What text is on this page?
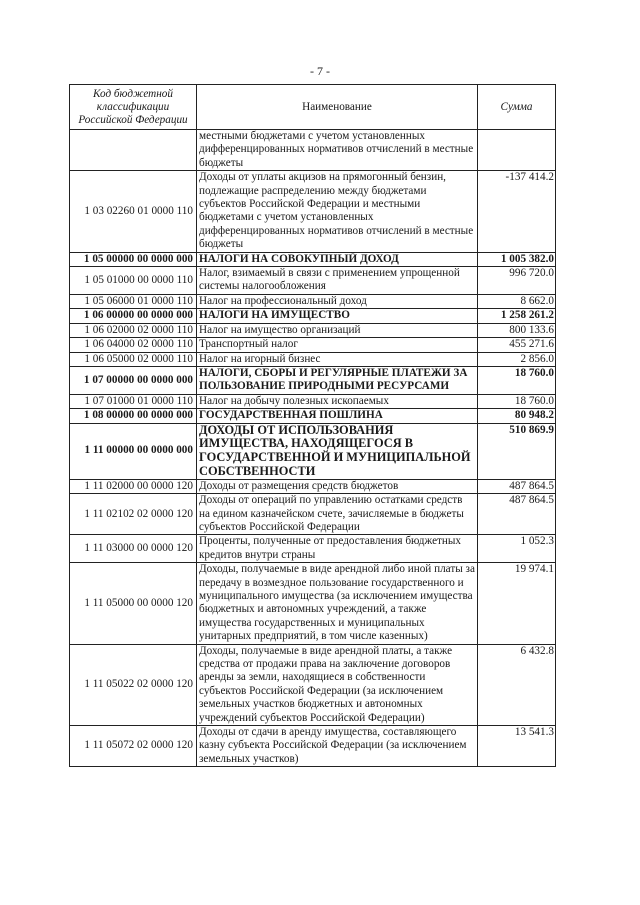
- 7 -
Код бюджетной классификации Российской Федерации	Наименование	Сумма
	местными бюджетами с учетом установленных дифференцированных нормативов отчислений в местные бюджеты	
1 03 02260 01 0000 110	Доходы от уплаты акцизов на прямогонный бензин, подлежащие распределению между бюджетами субъектов Российской Федерации и местными бюджетами с учетом установленных дифференцированных нормативов отчислений в местные бюджеты	-137 414.2
1 05 00000 00 0000 000	НАЛОГИ НА СОВОКУПНЫЙ ДОХОД	1 005 382.0
1 05 01000 00 0000 110	Налог, взимаемый в связи с применением упрощенной системы налогообложения	996 720.0
1 05 06000 01 0000 110	Налог на профессиональный доход	8 662.0
1 06 00000 00 0000 000	НАЛОГИ НА ИМУЩЕСТВО	1 258 261.2
1 06 02000 02 0000 110	Налог на имущество организаций	800 133.6
1 06 04000 02 0000 110	Транспортный налог	455 271.6
1 06 05000 02 0000 110	Налог на игорный бизнес	2 856.0
1 07 00000 00 0000 000	НАЛОГИ, СБОРЫ И РЕГУЛЯРНЫЕ ПЛАТЕЖИ ЗА ПОЛЬЗОВАНИЕ ПРИРОДНЫМИ РЕСУРСАМИ	18 760.0
1 07 01000 01 0000 110	Налог на добычу полезных ископаемых	18 760.0
1 08 00000 00 0000 000	ГОСУДАРСТВЕННАЯ ПОШЛИНА	80 948.2
1 11 00000 00 0000 000	ДОХОДЫ ОТ ИСПОЛЬЗОВАНИЯ ИМУЩЕСТВА, НАХОДЯЩЕГОСЯ В ГОСУДАРСТВЕННОЙ И МУНИЦИПАЛЬНОЙ СОБСТВЕННОСТИ	510 869.9
1 11 02000 00 0000 120	Доходы от размещения средств бюджетов	487 864.5
1 11 02102 02 0000 120	Доходы от операций по управлению остатками средств на едином казначейском счете, зачисляемые в бюджеты субъектов Российской Федерации	487 864.5
1 11 03000 00 0000 120	Проценты, полученные от предоставления бюджетных кредитов внутри страны	1 052.3
1 11 05000 00 0000 120	Доходы, получаемые в виде арендной либо иной платы за передачу в возмездное пользование государственного и муниципального имущества (за исключением имущества бюджетных и автономных учреждений, а также имущества государственных и муниципальных унитарных предприятий, в том числе казенных)	19 974.1
1 11 05022 02 0000 120	Доходы, получаемые в виде арендной платы, а также средства от продажи права на заключение договоров аренды за земли, находящиеся в собственности субъектов Российской Федерации (за исключением земельных участков бюджетных и автономных учреждений субъектов Российской Федерации)	6 432.8
1 11 05072 02 0000 120	Доходы от сдачи в аренду имущества, составляющего казну субъекта Российской Федерации (за исключением земельных участков)	13 541.3
